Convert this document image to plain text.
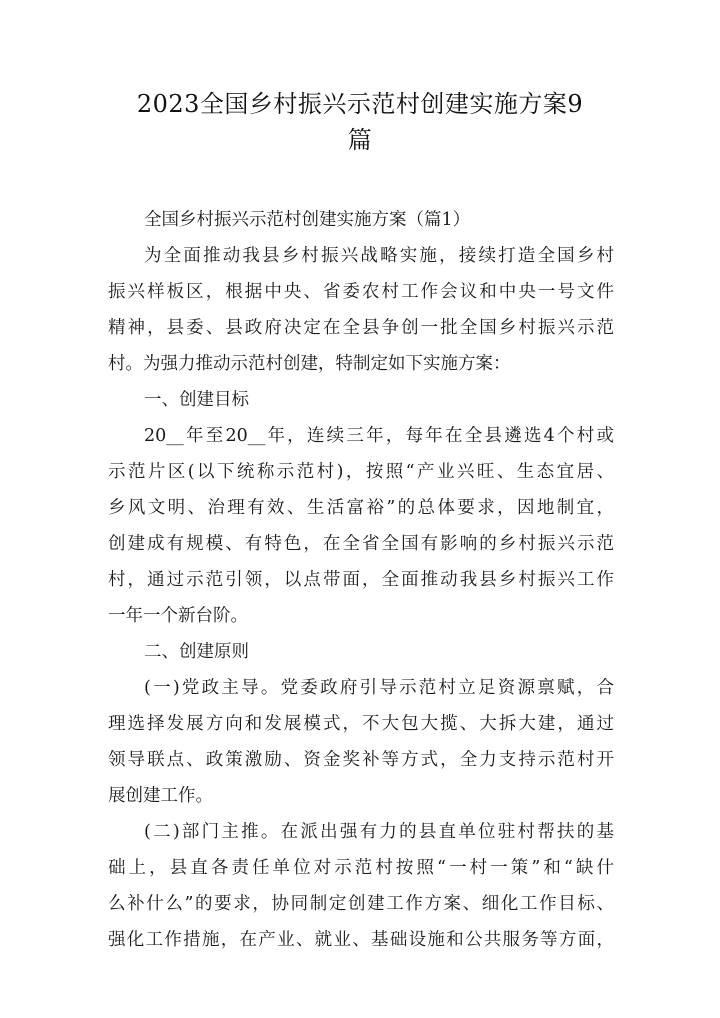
2023全国乡村振兴示范村创建实施方案9
篇
全国乡村振兴示范村创建实施方案（篇1）
为全面推动我县乡村振兴战略实施，接续打造全国乡村
振兴样板区，根据中央、省委农村工作会议和中央一号文件
精神，县委、县政府决定在全县争创一批全国乡村振兴示范
村。为强力推动示范村创建，特制定如下实施方案：
一、创建目标
20__年至20__年，连续三年，每年在全县遴选4个村或
示范片区(以下统称示范村)，按照“产业兴旺、生态宜居、
乡风文明、治理有效、生活富裕”的总体要求，因地制宜，
创建成有规模、有特色，在全省全国有影响的乡村振兴示范
村，通过示范引领，以点带面，全面推动我县乡村振兴工作
一年一个新台阶。
二、创建原则
(一)党政主导。党委政府引导示范村立足资源禀赋，合
理选择发展方向和发展模式，不大包大揽、大拆大建，通过
领导联点、政策激励、资金奖补等方式，全力支持示范村开
展创建工作。
(二)部门主推。在派出强有力的县直单位驻村帮扶的基
础上，县直各责任单位对示范村按照“一村一策”和“缺什
么补什么”的要求，协同制定创建工作方案、细化工作目标、
强化工作措施，在产业、就业、基础设施和公共服务等方面，
